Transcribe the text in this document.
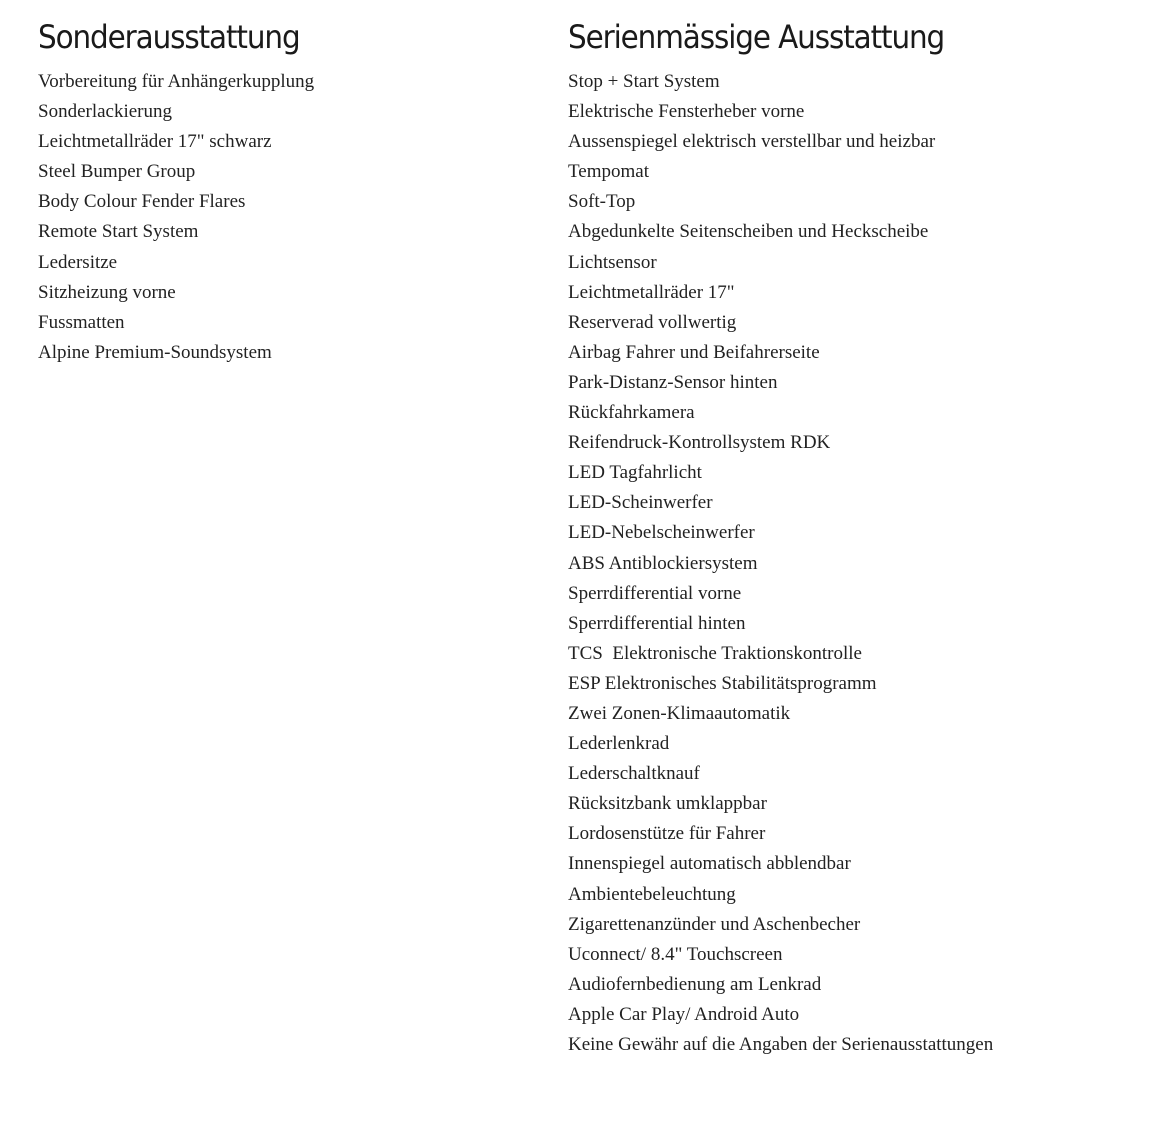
Sonderausstattung
Vorbereitung für Anhängerkupplung
Sonderlackierung
Leichtmetallräder 17" schwarz
Steel Bumper Group
Body Colour Fender Flares
Remote Start System
Ledersitze
Sitzheizung vorne
Fussmatten
Alpine Premium-Soundsystem
Serienmässige Ausstattung
Stop + Start System
Elektrische Fensterheber vorne
Aussenspiegel elektrisch verstellbar und heizbar
Tempomat
Soft-Top
Abgedunkelte Seitenscheiben und Heckscheibe
Lichtsensor
Leichtmetallräder 17"
Reserverad vollwertig
Airbag Fahrer und Beifahrerseite
Park-Distanz-Sensor hinten
Rückfahrkamera
Reifendruck-Kontrollsystem RDK
LED Tagfahrlicht
LED-Scheinwerfer
LED-Nebelscheinwerfer
ABS Antiblockiersystem
Sperrdifferential vorne
Sperrdifferential hinten
TCS  Elektronische Traktionskontrolle
ESP Elektronisches Stabilitätsprogramm
Zwei Zonen-Klimaautomatik
Lederlenkrad
Lederschaltknauf
Rücksitzbank umklappbar
Lordosenstütze für Fahrer
Innenspiegel automatisch abblendbar
Ambientebeleuchtung
Zigarettenanzünder und Aschenbecher
Uconnect/ 8.4" Touchscreen
Audiofernbedienung am Lenkrad
Apple Car Play/ Android Auto
Keine Gewähr auf die Angaben der Serienausstattungen
